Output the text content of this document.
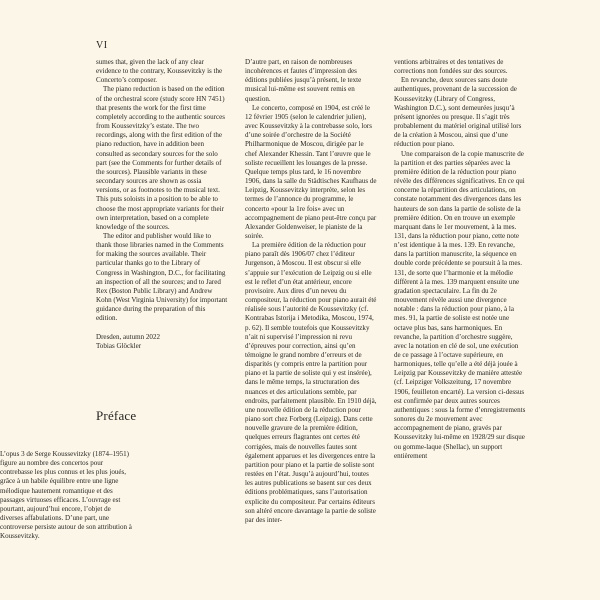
VI

sumes that, given the lack of any clear evidence to the contrary, Koussevitzky is the Concerto’s composer.

The piano reduction is based on the edition of the orchestral score (study score HN 7451) that presents the work for the first time completely according to the authentic sources from Koussevitzky’s estate. The two recordings, along with the first edition of the piano reduction, have in addition been consulted as secondary sources for the solo part (see the Comments for further details of the sources). Plausible variants in these secondary sources are shown as ossia versions, or as footnotes to the musical text. This puts soloists in a position to be able to choose the most appropriate variants for their own interpretation, based on a complete knowledge of the sources.

The editor and publisher would like to thank those libraries named in the Comments for making the sources available. Their particular thanks go to the Library of Congress in Washington, D.C., for facilitating an inspection of all the sources; and to Jared Rex (Boston Public Library) and Andrew Kohn (West Virginia University) for important guidance during the preparation of this edition.

Dresden, autumn 2022

Tobias Glöckler

Préface

L’opus 3 de Serge Koussevitzky (1874–1951) figure au nombre des concertos pour contrebasse les plus connus et les plus joués, grâce à un habile équilibre entre une ligne mélodique hautement romantique et des passages virtuoses efficaces. L’ouvrage est pourtant, aujourd’hui encore, l’objet de diverses affabulations. D’une part, une controverse persiste autour de son attribution à Koussevitzky.

D’autre part, en raison de nombreuses incohérences et fautes d’impression des éditions publiées jusqu’à présent, le texte musical lui-même est souvent remis en question.

Le concerto, composé en 1904, est créé le 12 février 1905 (selon le calendrier julien), avec Koussevitzky à la contrebasse solo, lors d’une soirée d’orchestre de la Société Philharmonique de Moscou, dirigée par le chef Alexander Khessin. Tant l’œuvre que le soliste recueillent les louanges de la presse. Quelque temps plus tard, le 16 novembre 1906, dans la salle du Städtisches Kaufhaus de Leipzig, Koussevitzky interprète, selon les termes de l’annonce du programme, le concerto «pour la 1re fois» avec un accompagnement de piano peut-être conçu par Alexander Goldenweiser, le pianiste de la soirée.

La première édition de la réduction pour piano paraît dès 1906/07 chez l’éditeur Jurgenson, à Moscou. Il est obscur si elle s’appuie sur l’exécution de Leipzig ou si elle est le reflet d’un état antérieur, encore provisoire. Aux dires d’un neveu du compositeur, la réduction pour piano aurait été réalisée sous l’autorité de Koussevitzky (cf. Kontrabas Istorija i Metodika, Moscou, 1974, p. 62). Il semble toutefois que Koussevitzky n’ait ni supervisé l’impression ni revu d’épreuves pour correction, ainsi qu’en témoigne le grand nombre d’erreurs et de disparités (y compris entre la partition pour piano et la partie de soliste qui y est insérée), dans le même temps, la structuration des nuances et des articulations semble, par endroits, parfaitement plausible. En 1910 déjà, une nouvelle édition de la réduction pour piano sort chez Forberg (Leipzig). Dans cette nouvelle gravure de la première édition, quelques erreurs flagrantes ont certes été corrigées, mais de nouvelles fautes sont également apparues et les divergences entre la partition pour piano et la partie de soliste sont restées en l’état. Jusqu’à aujourd’hui, toutes les autres publications se basent sur ces deux éditions problématiques, sans l’autorisation explicite du compositeur. Par certains éditeurs son altéré encore davantage la partie de soliste par des inter-

ventions arbitraires et des tentatives de corrections non fondées sur des sources.

En revanche, deux sources sans doute authentiques, provenant de la succession de Koussevitzky (Library of Congress, Washington D.C.), sont demeurées jusqu’à présent ignorées ou presque. Il s’agit très probablement du matériel original utilisé lors de la création à Moscou, ainsi que d’une réduction pour piano.

Une comparaison de la copie manuscrite de la partition et des parties séparées avec la première édition de la réduction pour piano révèle des différences significatives. En ce qui concerne la répartition des articulations, on constate notamment des divergences dans les hauteurs de son dans la partie de soliste de la première édition. On en trouve un exemple marquant dans le 1er mouvement, à la mes. 131, dans la réduction pour piano, cette note n’est identique à la mes. 139. En revanche, dans la partition manuscrite, la séquence en double corde précédente se poursuit à la mes. 131, de sorte que l’harmonie et la mélodie diffèrent à la mes. 139 marquent ensuite une gradation spectaculaire. La fin du 2e mouvement révèle aussi une divergence notable : dans la réduction pour piano, à la mes. 91, la partie de soliste est notée une octave plus bas, sans harmoniques. En revanche, la partition d’orchestre suggère, avec la notation en clé de sol, une exécution de ce passage à l’octave supérieure, en harmoniques, telle qu’elle a été déjà jouée à Leipzig par Koussevitzky de manière attestée (cf. Leipziger Volkszeitung, 17 novembre 1906, feuilleton encarté). La version ci-dessus est confirmée par deux autres sources authentiques : sous la forme d’enregistrements sonores du 2e mouvement avec accompagnement de piano, gravés par Koussevitzky lui-même en 1928/29 sur disque ou gomme-laque (Shellac), un support entièrement
